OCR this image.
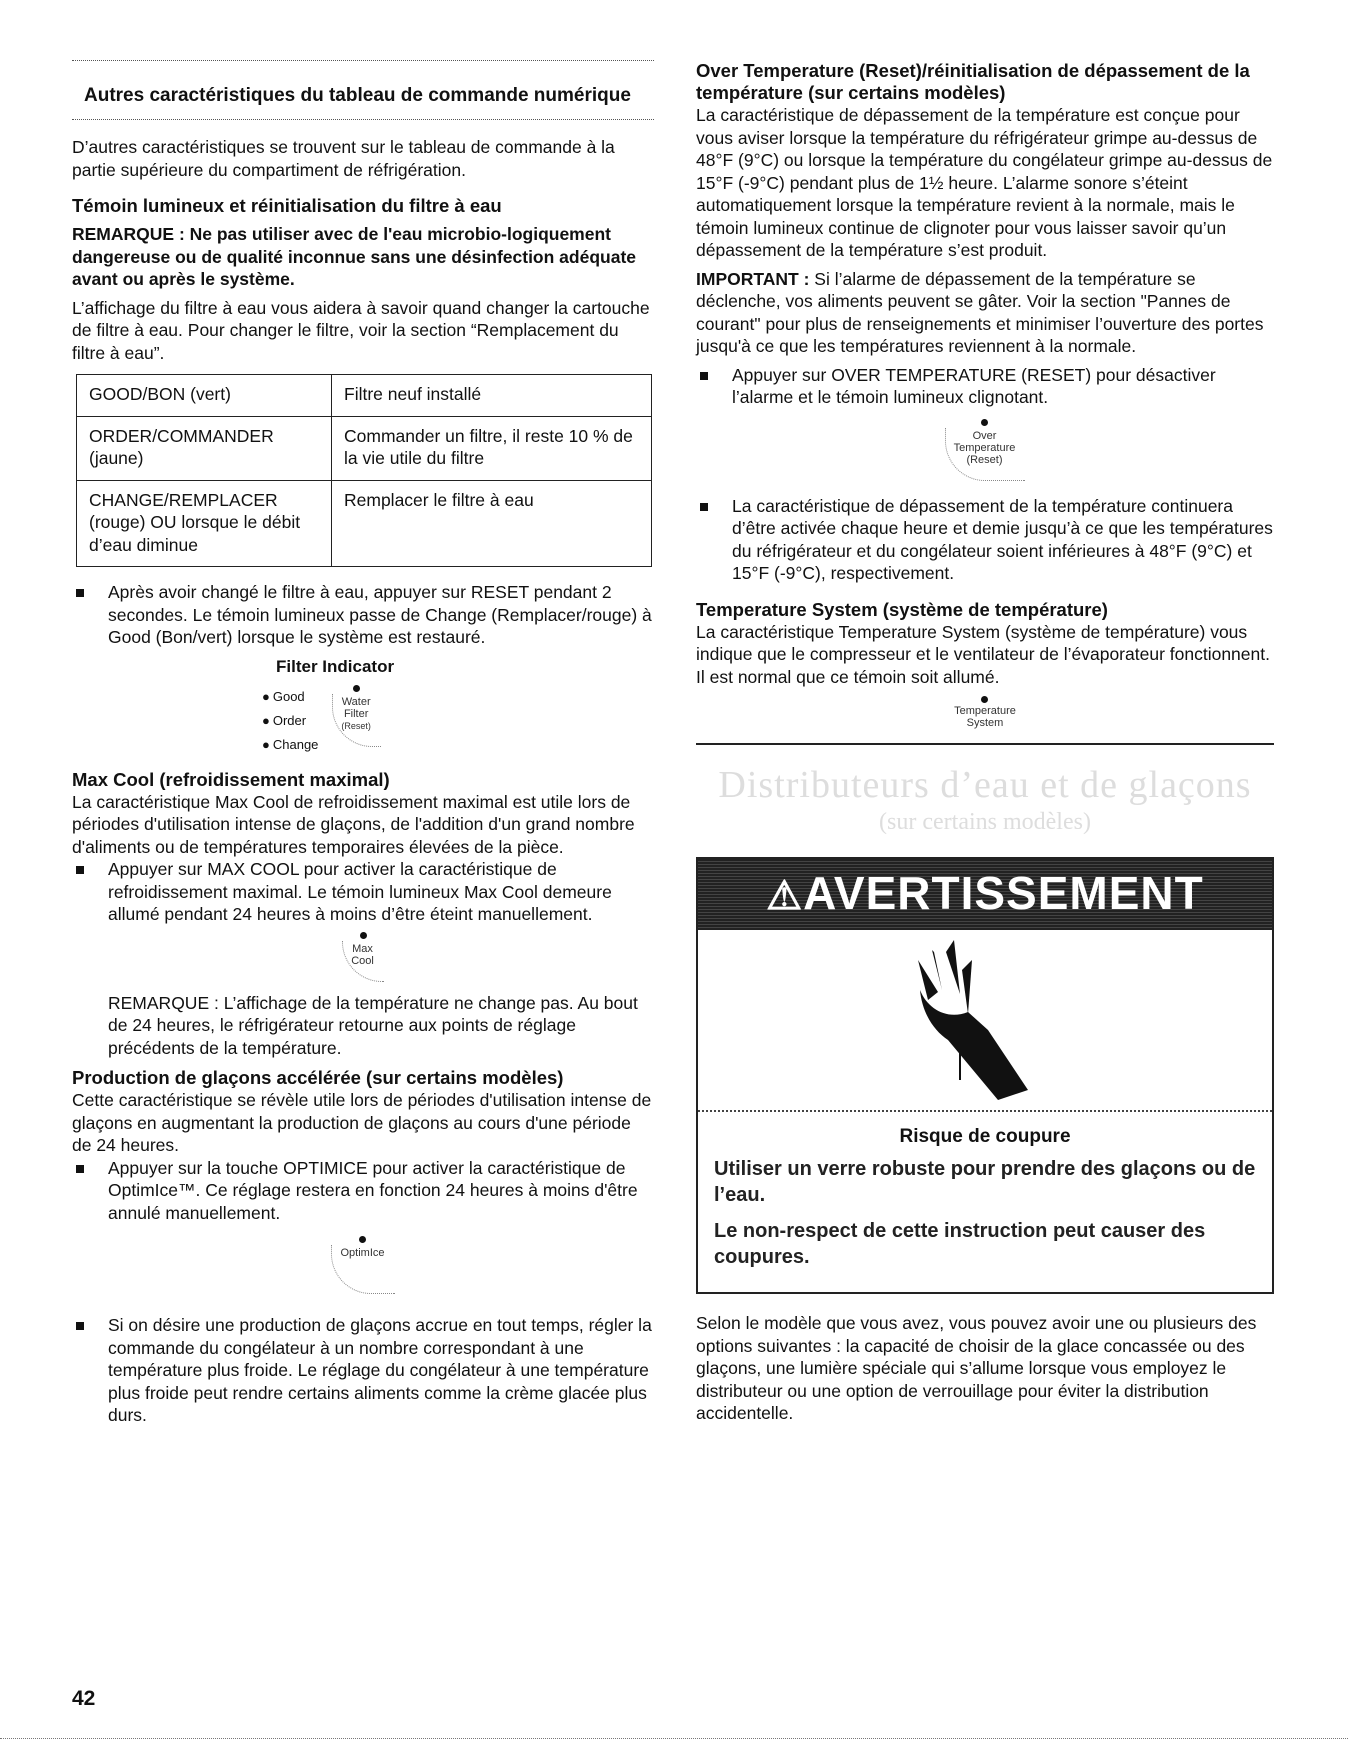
Autres caractéristiques du tableau de commande numérique

D’autres caractéristiques se trouvent sur le tableau de commande à la partie supérieure du compartiment de réfrigération.

Témoin lumineux et réinitialisation du filtre à eau

REMARQUE : Ne pas utiliser avec de l'eau microbio-logiquement dangereuse ou de qualité inconnue sans une désinfection adéquate avant ou après le système.

L’affichage du filtre à eau vous aidera à savoir quand changer la cartouche de filtre à eau. Pour changer le filtre, voir la section “Remplacement du filtre à eau”.

GOOD/BON (vert)	Filtre neuf installé
ORDER/COMMANDER (jaune)	Commander un filtre, il reste 10 % de la vie utile du filtre
CHANGE/REMPLACER (rouge) OU lorsque le débit d’eau diminue	Remplacer le filtre à eau
Après avoir changé le filtre à eau, appuyer sur RESET pendant 2 secondes. Le témoin lumineux passe de Change (Remplacer/rouge) à Good (Bon/vert) lorsque le système est restauré.
Filter Indicator
● Good
● Order
● Change
Water
Filter
(Reset)
Max Cool (refroidissement maximal)

La caractéristique Max Cool de refroidissement maximal est utile lors de périodes d'utilisation intense de glaçons, de l'addition d'un grand nombre d'aliments ou de températures temporaires élevées de la pièce.

Appuyer sur MAX COOL pour activer la caractéristique de refroidissement maximal. Le témoin lumineux Max Cool demeure allumé pendant 24 heures à moins d’être éteint manuellement.
Max
Cool

REMARQUE : L’affichage de la température ne change pas. Au bout de 24 heures, le réfrigérateur retourne aux points de réglage précédents de la température.

Production de glaçons accélérée (sur certains modèles)

Cette caractéristique se révèle utile lors de périodes d'utilisation intense de glaçons en augmentant la production de glaçons au cours d'une période de 24 heures.

Appuyer sur la touche OPTIMICE pour activer la caractéristique de OptimIce™. Ce réglage restera en fonction 24 heures à moins d'être annulé manuellement.
OptimIce
Si on désire une production de glaçons accrue en tout temps, régler la commande du congélateur à un nombre correspondant à une température plus froide. Le réglage du congélateur à une température plus froide peut rendre certains aliments comme la crème glacée plus durs.
Over Temperature (Reset)/réinitialisation de dépassement de la température (sur certains modèles)

La caractéristique de dépassement de la température est conçue pour vous aviser lorsque la température du réfrigérateur grimpe au-dessus de 48°F (9°C) ou lorsque la température du congélateur grimpe au-dessus de 15°F (-9°C) pendant plus de 1½ heure. L’alarme sonore s’éteint automatiquement lorsque la température revient à la normale, mais le témoin lumineux continue de clignoter pour vous laisser savoir qu’un dépassement de la température s’est produit.

IMPORTANT : Si l’alarme de dépassement de la température se déclenche, vos aliments peuvent se gâter. Voir la section "Pannes de courant" pour plus de renseignements et minimiser l’ouverture des portes jusqu'à ce que les températures reviennent à la normale.

Appuyer sur OVER TEMPERATURE (RESET) pour désactiver l’alarme et le témoin lumineux clignotant.
Over
Temperature
(Reset)
La caractéristique de dépassement de la température continuera d’être activée chaque heure et demie jusqu’à ce que les températures du réfrigérateur et du congélateur soient inférieures à 48°F (9°C) et 15°F (-9°C), respectivement.
Temperature System (système de température)

La caractéristique Temperature System (système de température) vous indique que le compresseur et le ventilateur de l’évaporateur fonctionnent. Il est normal que ce témoin soit allumé.

Temperature
System
Distributeurs d’eau et de glaçons
(sur certains modèles)
⚠AVERTISSEMENT
Risque de coupure

Utiliser un verre robuste pour prendre des glaçons ou de l’eau.

Le non-respect de cette instruction peut causer des coupures.

Selon le modèle que vous avez, vous pouvez avoir une ou plusieurs des options suivantes : la capacité de choisir de la glace concassée ou des glaçons, une lumière spéciale qui s’allume lorsque vous employez le distributeur ou une option de verrouillage pour éviter la distribution accidentelle.

42
